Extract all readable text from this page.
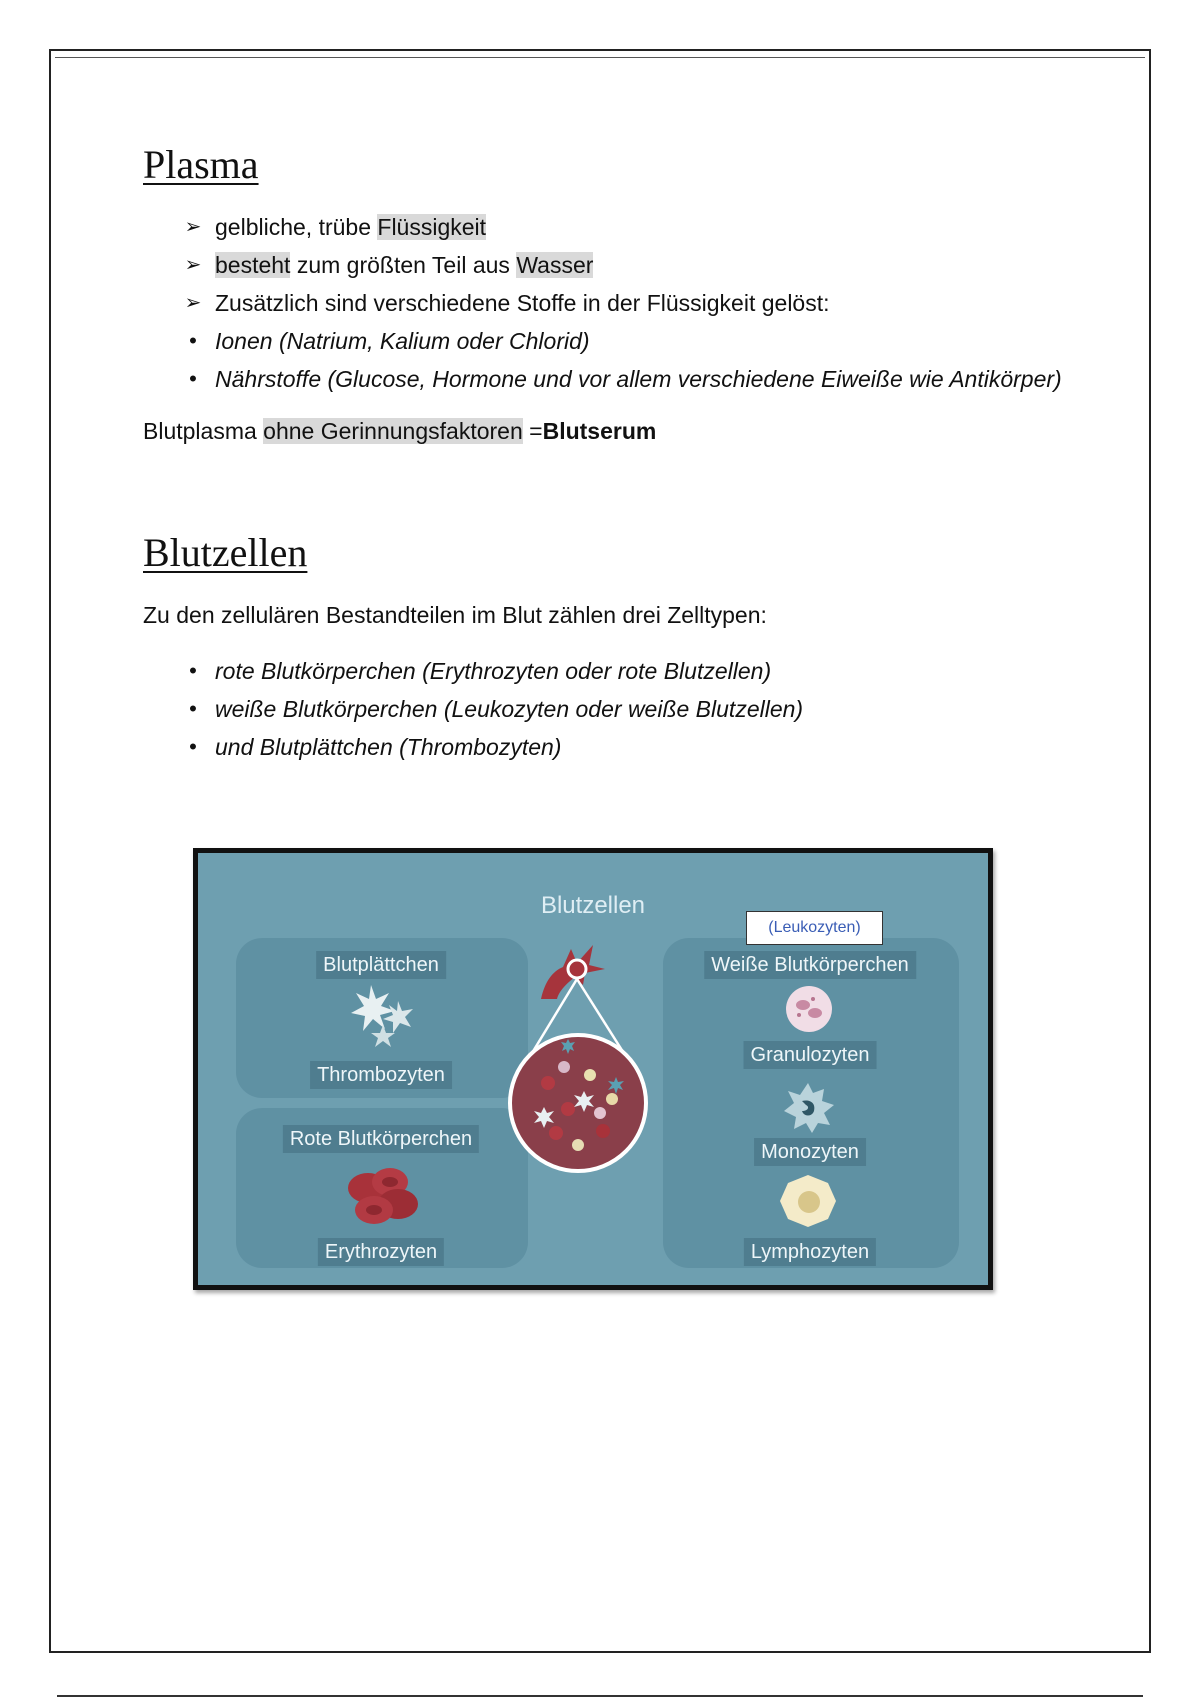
Plasma
➢ gelbliche, trübe Flüssigkeit
➢ besteht zum größten Teil aus Wasser
➢ Zusätzlich sind verschiedene Stoffe in der Flüssigkeit gelöst:
• Ionen (Natrium, Kalium oder Chlorid)
• Nährstoffe (Glucose, Hormone und vor allem verschiedene Eiweiße wie Antikörper)
Blutplasma ohne Gerinnungsfaktoren =Blutserum
Blutzellen
Zu den zellulären Bestandteilen im Blut zählen drei Zelltypen:
• rote Blutkörperchen (Erythrozyten oder rote Blutzellen)
• weiße Blutkörperchen (Leukozyten oder weiße Blutzellen)
• und Blutplättchen (Thrombozyten)
Blutzellen
(Leukozyten)
Blutplättchen
Thrombozyten
Rote Blutkörperchen
Erythrozyten
Weiße Blutkörperchen
Granulozyten
Monozyten
Lymphozyten
